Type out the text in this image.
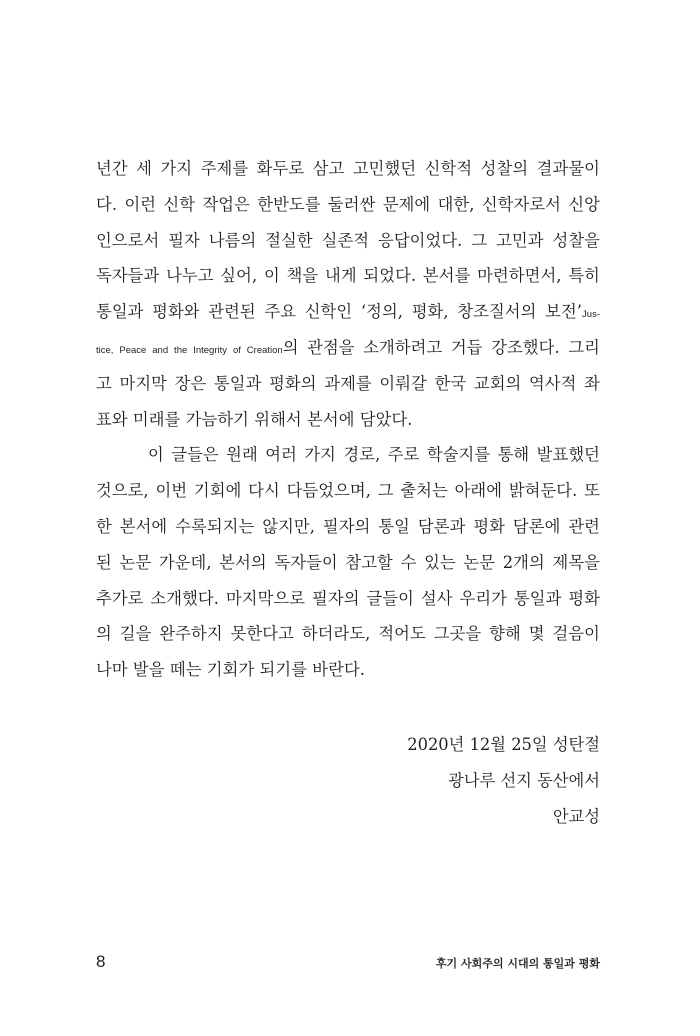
년간 세 가지 주제를 화두로 삼고 고민했던 신학적 성찰의 결과물이
다. 이런 신학 작업은 한반도를 둘러싼 문제에 대한, 신학자로서 신앙
인으로서 필자 나름의 절실한 실존적 응답이었다. 그 고민과 성찰을
독자들과 나누고 싶어, 이 책을 내게 되었다. 본서를 마련하면서, 특히
통일과 평화와 관련된 주요 신학인 ‘정의, 평화, 창조질서의 보전’Jus-
tice, Peace and the Integrity of Creation의 관점을 소개하려고 거듭 강조했다. 그리
고 마지막 장은 통일과 평화의 과제를 이뤄갈 한국 교회의 역사적 좌
표와 미래를 가늠하기 위해서 본서에 담았다.
이 글들은 원래 여러 가지 경로, 주로 학술지를 통해 발표했던
것으로, 이번 기회에 다시 다듬었으며, 그 출처는 아래에 밝혀둔다. 또
한 본서에 수록되지는 않지만, 필자의 통일 담론과 평화 담론에 관련
된 논문 가운데, 본서의 독자들이 참고할 수 있는 논문 2개의 제목을
추가로 소개했다. 마지막으로 필자의 글들이 설사 우리가 통일과 평화
의 길을 완주하지 못한다고 하더라도, 적어도 그곳을 향해 몇 걸음이
나마 발을 떼는 기회가 되기를 바란다.
2020년 12월 25일 성탄절
광나루 선지 동산에서
안교성
8	후기 사회주의 시대의 통일과 평화
